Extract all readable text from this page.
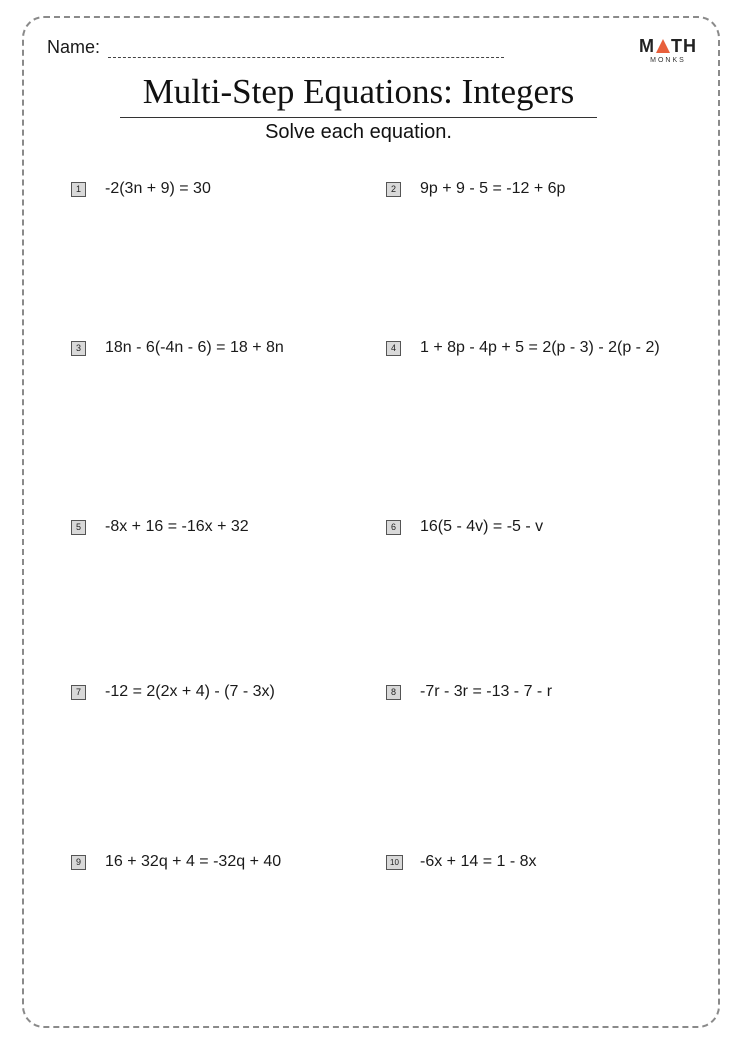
Name:	M TH
MONKS
Multi-Step Equations: Integers
Solve each equation.
1	-2(3n + 9) = 30	2	9p + 9 - 5 = -12 + 6p
3	18n - 6(-4n - 6) = 18 + 8n	4	1 + 8p - 4p + 5 = 2(p - 3) - 2(p - 2)
5	-8x + 16 = -16x + 32	6	16(5 - 4v) = -5 - v
7	-12 = 2(2x + 4) - (7 - 3x)	8	-7r - 3r = -13 - 7 - r
9	16 + 32q + 4 = -32q + 40	10 -6x + 14 = 1 - 8x
